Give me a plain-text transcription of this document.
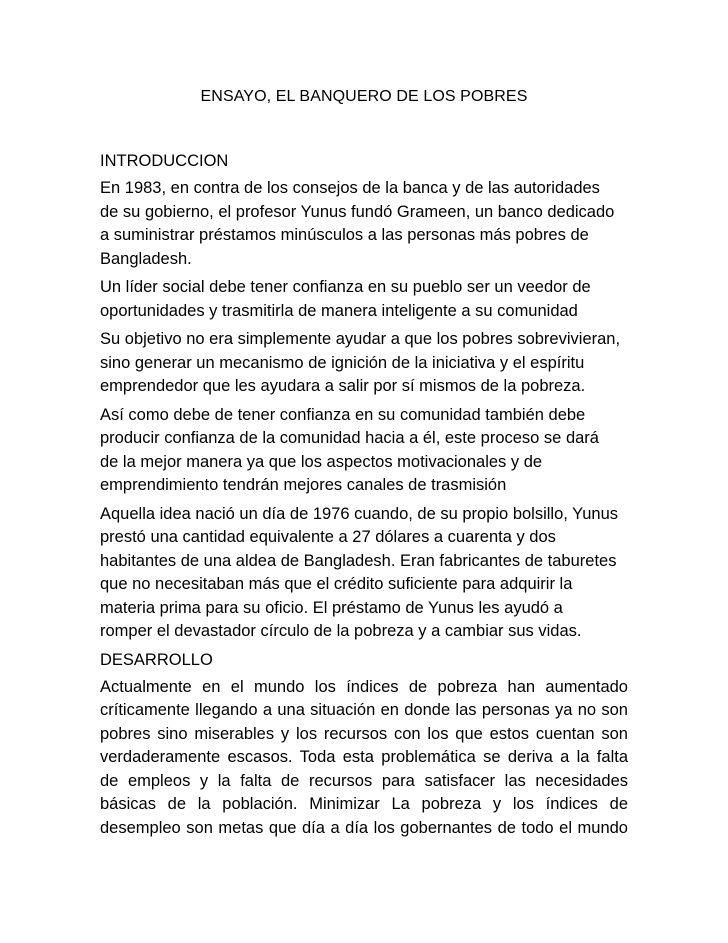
ENSAYO, EL BANQUERO DE LOS POBRES

INTRODUCCION

En 1983, en contra de los consejos de la banca y de las autoridades
de su gobierno, el profesor Yunus fundó Grameen, un banco dedicado
a suministrar préstamos minúsculos a las personas más pobres de
Bangladesh.

Un líder social debe tener confianza en su pueblo ser un veedor de
oportunidades y trasmitirla de manera inteligente a su comunidad

Su objetivo no era simplemente ayudar a que los pobres sobrevivieran,
sino generar un mecanismo de ignición de la iniciativa y el espíritu
emprendedor que les ayudara a salir por sí mismos de la pobreza.

Así como debe de tener confianza en su comunidad también debe
producir confianza de la comunidad hacia a él, este proceso se dará
de la mejor manera ya que los aspectos motivacionales y de
emprendimiento tendrán mejores canales de trasmisión

Aquella idea nació un día de 1976 cuando, de su propio bolsillo, Yunus
prestó una cantidad equivalente a 27 dólares a cuarenta y dos
habitantes de una aldea de Bangladesh. Eran fabricantes de taburetes
que no necesitaban más que el crédito suficiente para adquirir la
materia prima para su oficio. El préstamo de Yunus les ayudó a
romper el devastador círculo de la pobreza y a cambiar sus vidas.

DESARROLLO

Actualmente en el mundo los índices de pobreza han aumentado
críticamente llegando a una situación en donde las personas ya no son
pobres sino miserables y los recursos con los que estos cuentan son
verdaderamente escasos. Toda esta problemática se deriva a la falta
de empleos y la falta de recursos para satisfacer las necesidades
básicas de la población. Minimizar La pobreza y los índices de
desempleo son metas que día a día los gobernantes de todo el mundo
